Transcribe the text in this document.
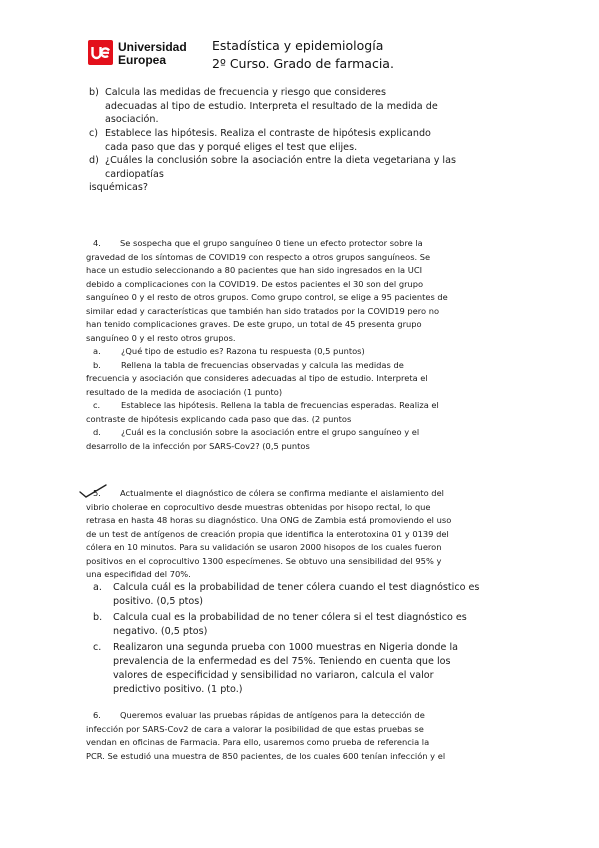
Universidad
Europea
Estadística y epidemiología
2º Curso. Grado de farmacia.
b) Calcula las medidas de frecuencia y riesgo que consideres
adecuadas al tipo de estudio. Interpreta el resultado de la medida de
asociación.
c) Establece las hipótesis. Realiza el contraste de hipótesis explicando
cada paso que das y porqué eliges el test que elijes.
d) ¿Cuáles la conclusión sobre la asociación entre la dieta vegetariana y las
cardiopatías
isquémicas?
4. Se sospecha que el grupo sanguíneo 0 tiene un efecto protector sobre la
gravedad de los síntomas de COVID19 con respecto a otros grupos sanguíneos. Se
hace un estudio seleccionando a 80 pacientes que han sido ingresados en la UCI
debido a complicaciones con la COVID19. De estos pacientes el 30 son del grupo
sanguíneo 0 y el resto de otros grupos. Como grupo control, se elige a 95 pacientes de
similar edad y características que también han sido tratados por la COVID19 pero no
han tenido complicaciones graves. De este grupo, un total de 45 presenta grupo
sanguíneo 0 y el resto otros grupos.
a. ¿Qué tipo de estudio es? Razona tu respuesta (0,5 puntos)
b. Rellena la tabla de frecuencias observadas y calcula las medidas de
frecuencia y asociación que consideres adecuadas al tipo de estudio. Interpreta el
resultado de la medida de asociación (1 punto)
c.	Establece las hipótesis. Rellena la tabla de frecuencias esperadas. Realiza el
contraste de hipótesis explicando cada paso que das. (2 puntos
d. ¿Cuál es la conclusión sobre la asociación entre el grupo sanguíneo y el
desarrollo de la infección por SARS-Cov2? (0,5 puntos
5. Actualmente el diagnóstico de cólera se confirma mediante el aislamiento del
vibrio cholerae en coprocultivo desde muestras obtenidas por hisopo rectal, lo que
retrasa en hasta 48 horas su diagnóstico. Una ONG de Zambia está promoviendo el uso
de un test de antígenos de creación propia que identifica la enterotoxina 01 y 0139 del
cólera en 10 minutos. Para su validación se usaron 2000 hisopos de los cuales fueron
positivos en el coprocultivo 1300 especímenes. Se obtuvo una sensibilidad del 95% y
una especifidad del 70%.
a. Calcula cuál es la probabilidad de tener cólera cuando el test diagnóstico es
positivo. (0,5 ptos)
b. Calcula cual es la probabilidad de no tener cólera si el test diagnóstico es
negativo. (0,5 ptos)
c. Realizaron una segunda prueba con 1000 muestras en Nigeria donde la
prevalencia de la enfermedad es del 75%. Teniendo en cuenta que los
valores de especificidad y sensibilidad no variaron, calcula el valor
predictivo positivo. (1 pto.)
6. Queremos evaluar las pruebas rápidas de antígenos para la detección de
infección por SARS-Cov2 de cara a valorar la posibilidad de que estas pruebas se
vendan en oficinas de Farmacia. Para ello, usaremos como prueba de referencia la
PCR. Se estudió una muestra de 850 pacientes, de los cuales 600 tenían infección y el
